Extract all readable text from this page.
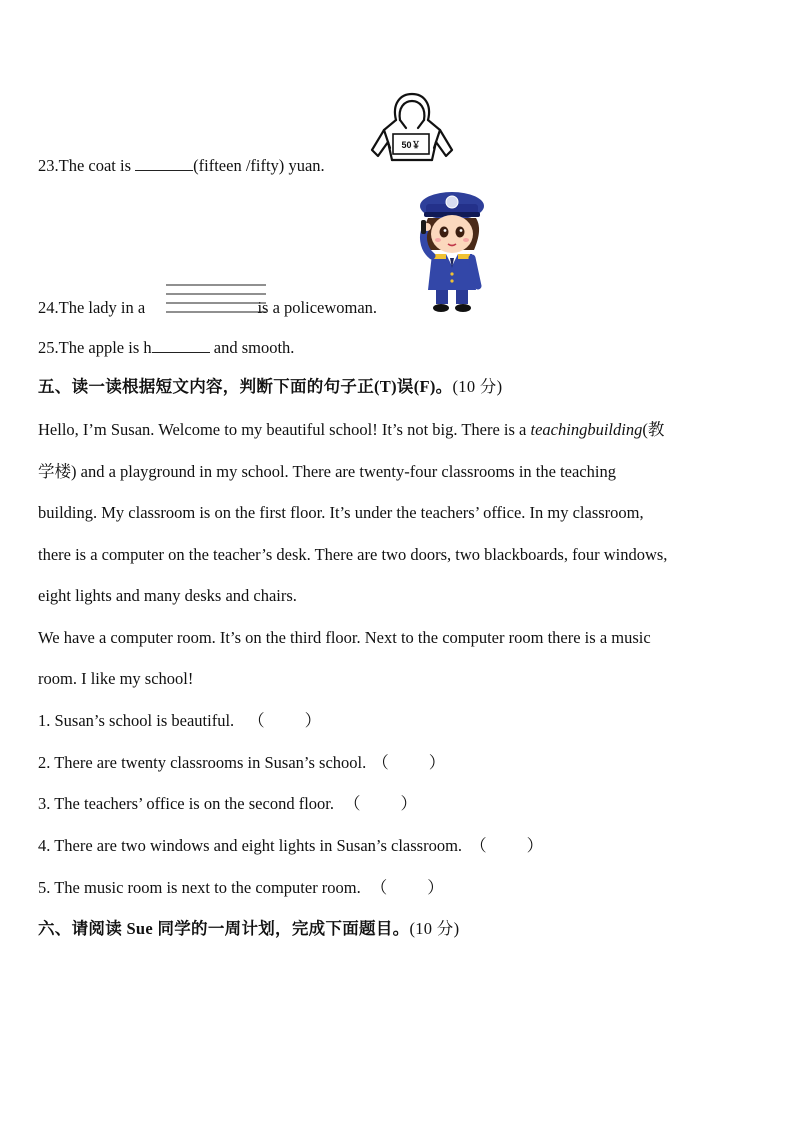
23.The coat is	(fifteen /fifty) yuan.
50￥
24.The lady in a	is a policewoman.
25.The apple is h	and smooth.
五、读一读根据短文内容，判断下面的句子正(T)误(F)。(10 分)
Hello, I’m Susan. Welcome to my beautiful school! It’s not big. There is a teachingbuilding(教
学楼) and a playground in my school. There are twenty-four classrooms in the teaching
building. My classroom is on the first floor. It’s under the teachers’ office. In my classroom,
there is a computer on the teacher’s desk. There are two doors, two blackboards, four windows,
eight lights and many desks and chairs.
We have a computer room. It’s on the third floor. Next to the computer room there is a music
room. I like my school!
1. Susan’s school is beautiful. （ ）
2. There are twenty classrooms in Susan’s school. （ ）
3. The teachers’ office is on the second floor. （ ）
4. There are two windows and eight lights in Susan’s classroom. （ ）
5. The music room is next to the computer room. （ ）
六、请阅读 Sue 同学的一周计划，完成下面题目。(10 分)
